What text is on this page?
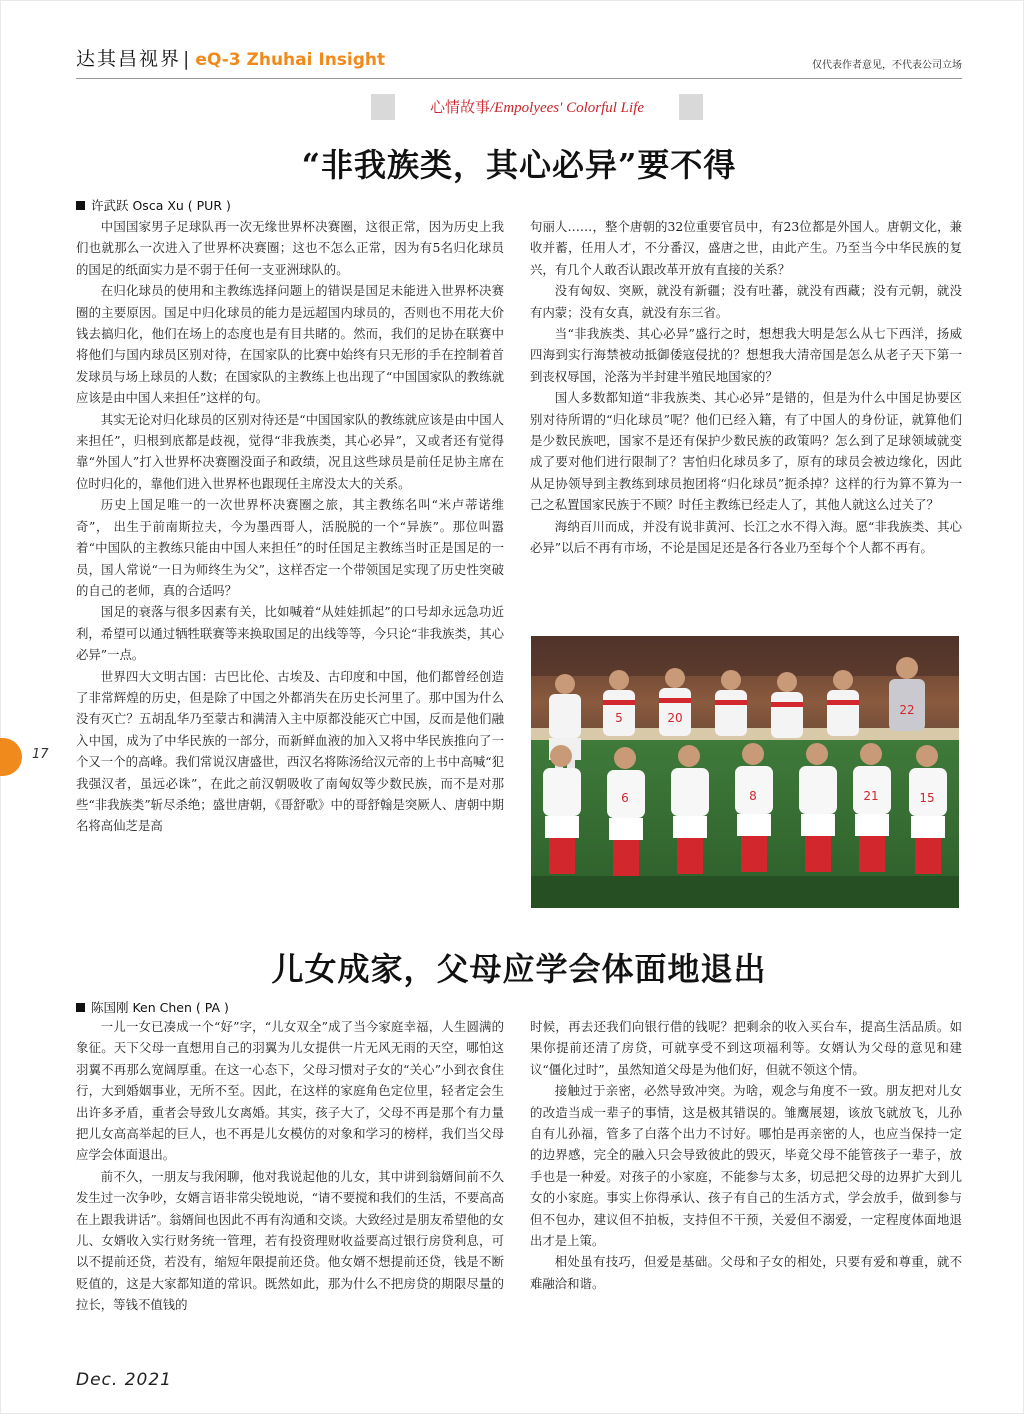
达其昌视界 | eQ-3 Zhuhai Insight	仅代表作者意见，不代表公司立场
心情故事/Empolyees' Colorful Life
“非我族类，其心必异”要不得
许武跃 Osca Xu ( PUR )

中国国家男子足球队再一次无缘世界杯决赛圈，这很正常，因为历史上我们也就那么一次进入了世界杯决赛圈；这也不怎么正常，因为有5名归化球员的国足的纸面实力是不弱于任何一支亚洲球队的。

在归化球员的使用和主教练选择问题上的错误是国足未能进入世界杯决赛圈的主要原因。国足中归化球员的能力是远超国内球员的，否则也不用花大价钱去搞归化，他们在场上的态度也是有目共睹的。然而，我们的足协在联赛中将他们与国内球员区别对待，在国家队的比赛中始终有只无形的手在控制着首发球员与场上球员的人数；在国家队的主教练上也出现了“中国国家队的教练就应该是由中国人来担任”这样的句。

其实无论对归化球员的区别对待还是“中国国家队的教练就应该是由中国人来担任”，归根到底都是歧视，觉得“非我族类，其心必异”，又或者还有觉得靠“外国人”打入世界杯决赛圈没面子和政绩，况且这些球员是前任足协主席在位时归化的，靠他们进入世界杯也跟现任主席没太大的关系。

历史上国足唯一的一次世界杯决赛圈之旅，其主教练名叫“米卢蒂诺维奇”， 出生于前南斯拉夫，今为墨西哥人，活脱脱的一个“异族”。那位叫嚣着“中国队的主教练只能由中国人来担任”的时任国足主教练当时正是国足的一员，国人常说“一日为师终生为父”，这样否定一个带领国足实现了历史性突破的自己的老师，真的合适吗？

国足的衰落与很多因素有关，比如喊着“从娃娃抓起”的口号却永远急功近利，希望可以通过牺牲联赛等来换取国足的出线等等，今只论“非我族类，其心必异”一点。

世界四大文明古国：古巴比伦、古埃及、古印度和中国，他们都曾经创造了非常辉煌的历史，但是除了中国之外都消失在历史长河里了。那中国为什么没有灭亡？五胡乱华乃至蒙古和满清入主中原都没能灭亡中国，反而是他们融入中国，成为了中华民族的一部分，而新鲜血液的加入又将中华民族推向了一个又一个的高峰。我们常说汉唐盛世，西汉名将陈汤给汉元帝的上书中高喊“犯我强汉者，虽远必诛”，在此之前汉朝吸收了南匈奴等少数民族，而不是对那些“非我族类”斩尽杀绝；盛世唐朝，《哥舒歌》中的哥舒翰是突厥人、唐朝中期名将高仙芝是高

句丽人……，整个唐朝的32位重要官员中，有23位都是外国人。唐朝文化，兼收并蓄，任用人才，不分番汉，盛唐之世，由此产生。乃至当今中华民族的复兴，有几个人敢否认跟改革开放有直接的关系？

没有匈奴、突厥，就没有新疆；没有吐蕃，就没有西藏；没有元朝，就没有内蒙；没有女真，就没有东三省。

当“非我族类、其心必异”盛行之时，想想我大明是怎么从七下西洋，扬威四海到实行海禁被动抵御倭寇侵扰的？想想我大清帝国是怎么从老子天下第一到丧权辱国，沦落为半封建半殖民地国家的？

国人多数都知道“非我族类、其心必异”是错的，但是为什么中国足协要区别对待所谓的“归化球员”呢？他们已经入籍，有了中国人的身份证，就算他们是少数民族吧，国家不是还有保护少数民族的政策吗？怎么到了足球领域就变成了要对他们进行限制了？害怕归化球员多了，原有的球员会被边缘化，因此从足协领导到主教练到球员抱团将“归化球员”扼杀掉？这样的行为算不算为一己之私置国家民族于不顾？时任主教练已经走人了，其他人就这么过关了？

海纳百川而成，并没有说非黄河、长江之水不得入海。愿“非我族类、其心必异”以后不再有市场，不论是国足还是各行各业乃至每个个人都不再有。

5	20
22
6	8	21	15
儿女成家，父母应学会体面地退出
陈国刚 Ken Chen ( PA )

一儿一女已凑成一个“好”字，“儿女双全”成了当今家庭幸福，人生圆满的象征。天下父母一直想用自己的羽翼为儿女提供一片无风无雨的天空，哪怕这羽翼不再那么宽阔厚重。在这一心态下，父母习惯对子女的“关心”小到衣食住行，大到婚姻事业，无所不至。因此，在这样的家庭角色定位里，轻者定会生出许多矛盾，重者会导致儿女离婚。其实，孩子大了，父母不再是那个有力量把儿女高高举起的巨人，也不再是儿女模仿的对象和学习的榜样，我们当父母应学会体面退出。

前不久，一朋友与我闲聊，他对我说起他的儿女，其中讲到翁婿间前不久发生过一次争吵，女婿言语非常尖锐地说，“请不要搅和我们的生活，不要高高在上跟我讲话”。翁婿间也因此不再有沟通和交谈。大致经过是朋友希望他的女儿、女婿收入实行财务统一管理，若有投资理财收益要高过银行房贷利息，可以不提前还贷，若没有，缩短年限提前还贷。他女婿不想提前还贷，钱是不断贬值的，这是大家都知道的常识。既然如此，那为什么不把房贷的期限尽量的拉长，等钱不值钱的

时候，再去还我们向银行借的钱呢？把剩余的收入买台车，提高生活品质。如果你提前还清了房贷，可就享受不到这项福利等。女婿认为父母的意见和建议“僵化过时”，虽然知道父母是为他们好，但就不领这个情。

接触过于亲密，必然导致冲突。为啥，观念与角度不一致。朋友把对儿女的改造当成一辈子的事情，这是极其错误的。雏鹰展翅，该放飞就放飞，儿孙自有儿孙福，管多了白落个出力不讨好。哪怕是再亲密的人，也应当保持一定的边界感，完全的融入只会导致彼此的毁灭，毕竟父母不能管孩子一辈子，放手也是一种爱。对孩子的小家庭，不能参与太多，切忌把父母的边界扩大到儿女的小家庭。事实上你得承认、孩子有自己的生活方式，学会放手，做到参与但不包办，建议但不拍板，支持但不干预，关爱但不溺爱，一定程度体面地退出才是上策。

相处虽有技巧，但爱是基础。父母和子女的相处，只要有爱和尊重，就不难融洽和谐。

17
Dec. 2021
